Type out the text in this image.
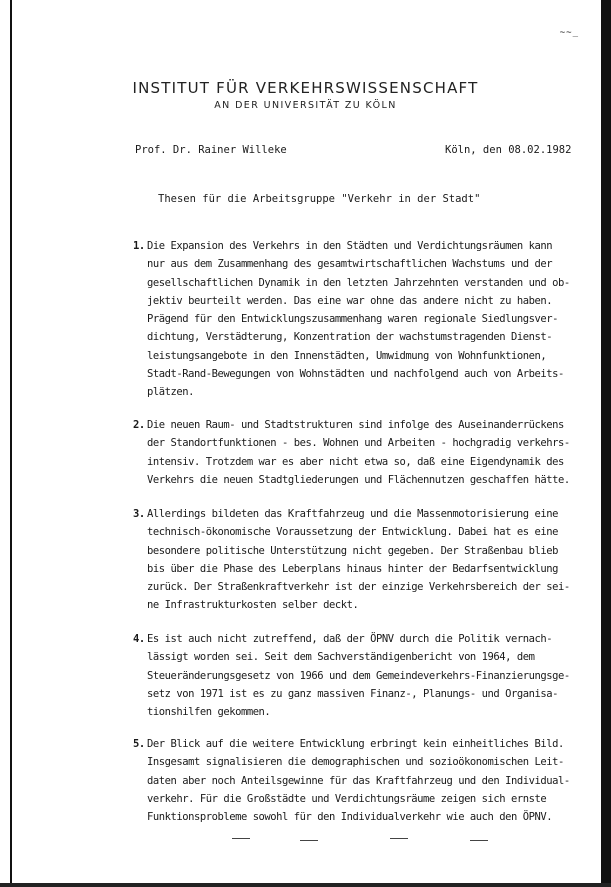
~~_
INSTITUT FÜR VERKEHRSWISSENSCHAFT
AN DER UNIVERSITÄT ZU KÖLN
Prof. Dr. Rainer Willeke	Köln, den 08.02.1982
Thesen für die Arbeitsgruppe "Verkehr in der Stadt"
1. Die Expansion des Verkehrs in den Städten und Verdichtungsräumen kann
nur aus dem Zusammenhang des gesamtwirtschaftlichen Wachstums und der
gesellschaftlichen Dynamik in den letzten Jahrzehnten verstanden und ob-
jektiv beurteilt werden. Das eine war ohne das andere nicht zu haben.
Prägend für den Entwicklungszusammenhang waren regionale Siedlungsver-
dichtung, Verstädterung, Konzentration der wachstumstragenden Dienst-
leistungsangebote in den Innenstädten, Umwidmung von Wohnfunktionen,
Stadt-Rand-Bewegungen von Wohnstädten und nachfolgend auch von Arbeits-
plätzen.
2. Die neuen Raum- und Stadtstrukturen sind infolge des Auseinanderrückens
der Standortfunktionen - bes. Wohnen und Arbeiten - hochgradig verkehrs-
intensiv. Trotzdem war es aber nicht etwa so, daß eine Eigendynamik des
Verkehrs die neuen Stadtgliederungen und Flächennutzen geschaffen hätte.
3. Allerdings bildeten das Kraftfahrzeug und die Massenmotorisierung eine
technisch-ökonomische Voraussetzung der Entwicklung. Dabei hat es eine
besondere politische Unterstützung nicht gegeben. Der Straßenbau blieb
bis über die Phase des Leberplans hinaus hinter der Bedarfsentwicklung
zurück. Der Straßenkraftverkehr ist der einzige Verkehrsbereich der sei-
ne Infrastrukturkosten selber deckt.
4. Es ist auch nicht zutreffend, daß der ÖPNV durch die Politik vernach-
lässigt worden sei. Seit dem Sachverständigenbericht von 1964, dem
Steueränderungsgesetz von 1966 und dem Gemeindeverkehrs-Finanzierungsge-
setz von 1971 ist es zu ganz massiven Finanz-, Planungs- und Organisa-
tionshilfen gekommen.
5. Der Blick auf die weitere Entwicklung erbringt kein einheitliches Bild.
Insgesamt signalisieren die demographischen und sozioökonomischen Leit-
daten aber noch Anteilsgewinne für das Kraftfahrzeug und den Individual-
verkehr. Für die Großstädte und Verdichtungsräume zeigen sich ernste
Funktionsprobleme sowohl für den Individualverkehr wie auch den ÖPNV.
